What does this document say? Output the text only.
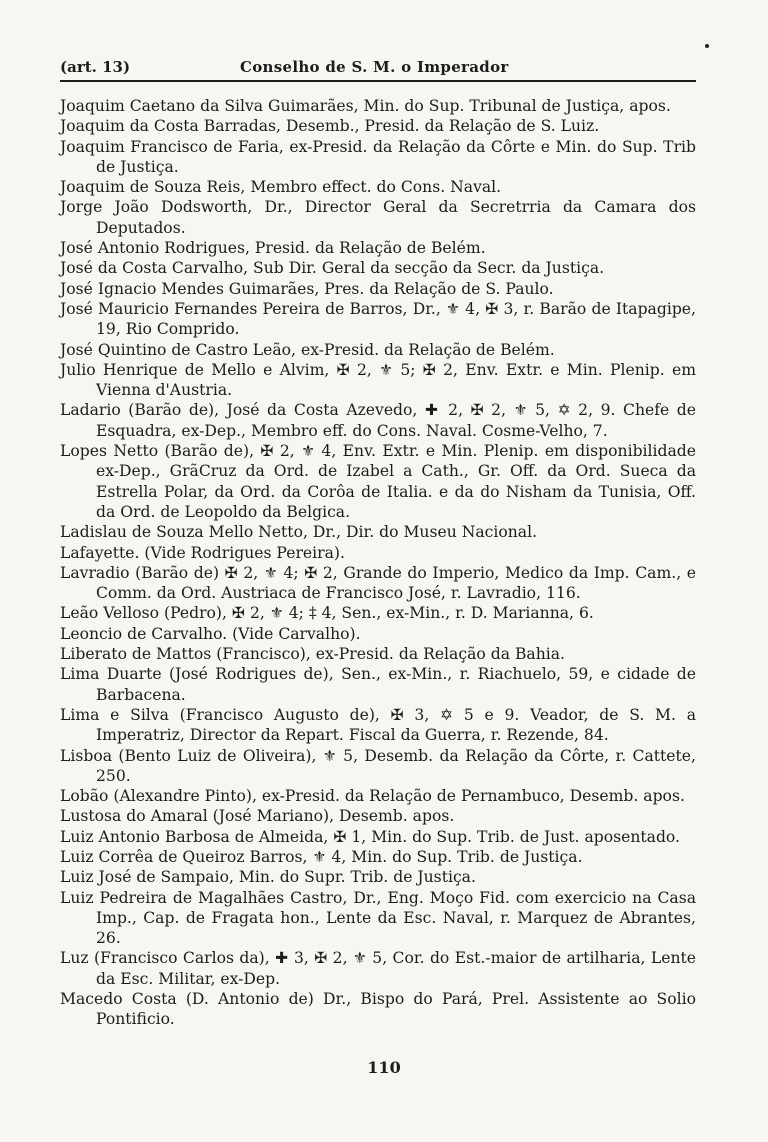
(art. 13)	Conselho de S. M. o Imperador

Joaquim Caetano da Silva Guimarães, Min. do Sup. Tribunal de Justiça, apos.

Joaquim da Costa Barradas, Desemb., Presid. da Relação de S. Luiz.

Joaquim Francisco de Faria, ex-Presid. da Relação da Côrte e Min. do Sup. Trib de Justiça.

Joaquim de Souza Reis, Membro effect. do Cons. Naval.

Jorge João Dodsworth, Dr., Director Geral da Secretrria da Camara dos Deputados.

José Antonio Rodrigues, Presid. da Relação de Belém.

José da Costa Carvalho, Sub Dir. Geral da secção da Secr. da Justiça.

José Ignacio Mendes Guimarães, Pres. da Relação de S. Paulo.

José Mauricio Fernandes Pereira de Barros, Dr., ⚜ 4, ✠ 3, r. Barão de Itapagipe, 19, Rio Comprido.

José Quintino de Castro Leão, ex-Presid. da Relação de Belém.

Julio Henrique de Mello e Alvim, ✠ 2, ⚜ 5; ✠ 2, Env. Extr. e Min. Plenip. em Vienna d'Austria.

Ladario (Barão de), José da Costa Azevedo, ✚ 2, ✠ 2, ⚜ 5, ✡ 2, 9. Chefe de Esquadra, ex-Dep., Membro eff. do Cons. Naval. Cosme-Velho, 7.

Lopes Netto (Barão de), ✠ 2, ⚜ 4, Env. Extr. e Min. Plenip. em disponibilidade ex-Dep., GrãCruz da Ord. de Izabel a Cath., Gr. Off. da Ord. Sueca da Estrella Polar, da Ord. da Corôa de Italia. e da do Nisham da Tunisia, Off. da Ord. de Leopoldo da Belgica.

Ladislau de Souza Mello Netto, Dr., Dir. do Museu Nacional.

Lafayette. (Vide Rodrigues Pereira).

Lavradio (Barão de) ✠ 2, ⚜ 4; ✠ 2, Grande do Imperio, Medico da Imp. Cam., e Comm. da Ord. Austriaca de Francisco José, r. Lavradio, 116.

Leão Velloso (Pedro), ✠ 2, ⚜ 4; ‡ 4, Sen., ex-Min., r. D. Marianna, 6.

Leoncio de Carvalho. (Vide Carvalho).

Liberato de Mattos (Francisco), ex-Presid. da Relação da Bahia.

Lima Duarte (José Rodrigues de), Sen., ex-Min., r. Riachuelo, 59, e cidade de Barbacena.

Lima e Silva (Francisco Augusto de), ✠ 3, ✡ 5 e 9. Veador, de S. M. a Imperatriz, Director da Repart. Fiscal da Guerra, r. Rezende, 84.

Lisboa (Bento Luiz de Oliveira), ⚜ 5, Desemb. da Relação da Côrte, r. Cattete, 250.

Lobão (Alexandre Pinto), ex-Presid. da Relação de Pernambuco, Desemb. apos.

Lustosa do Amaral (José Mariano), Desemb. apos.

Luiz Antonio Barbosa de Almeida, ✠ 1, Min. do Sup. Trib. de Just. aposentado.

Luiz Corrêa de Queiroz Barros, ⚜ 4, Min. do Sup. Trib. de Justiça.

Luiz José de Sampaio, Min. do Supr. Trib. de Justiça.

Luiz Pedreira de Magalhães Castro, Dr., Eng. Moço Fid. com exercicio na Casa Imp., Cap. de Fragata hon., Lente da Esc. Naval, r. Marquez de Abrantes, 26.

Luz (Francisco Carlos da), ✚ 3, ✠ 2, ⚜ 5, Cor. do Est.-maior de artilharia, Lente da Esc. Militar, ex-Dep.

Macedo Costa (D. Antonio de) Dr., Bispo do Pará, Prel. Assistente ao Solio Pontificio.

110
